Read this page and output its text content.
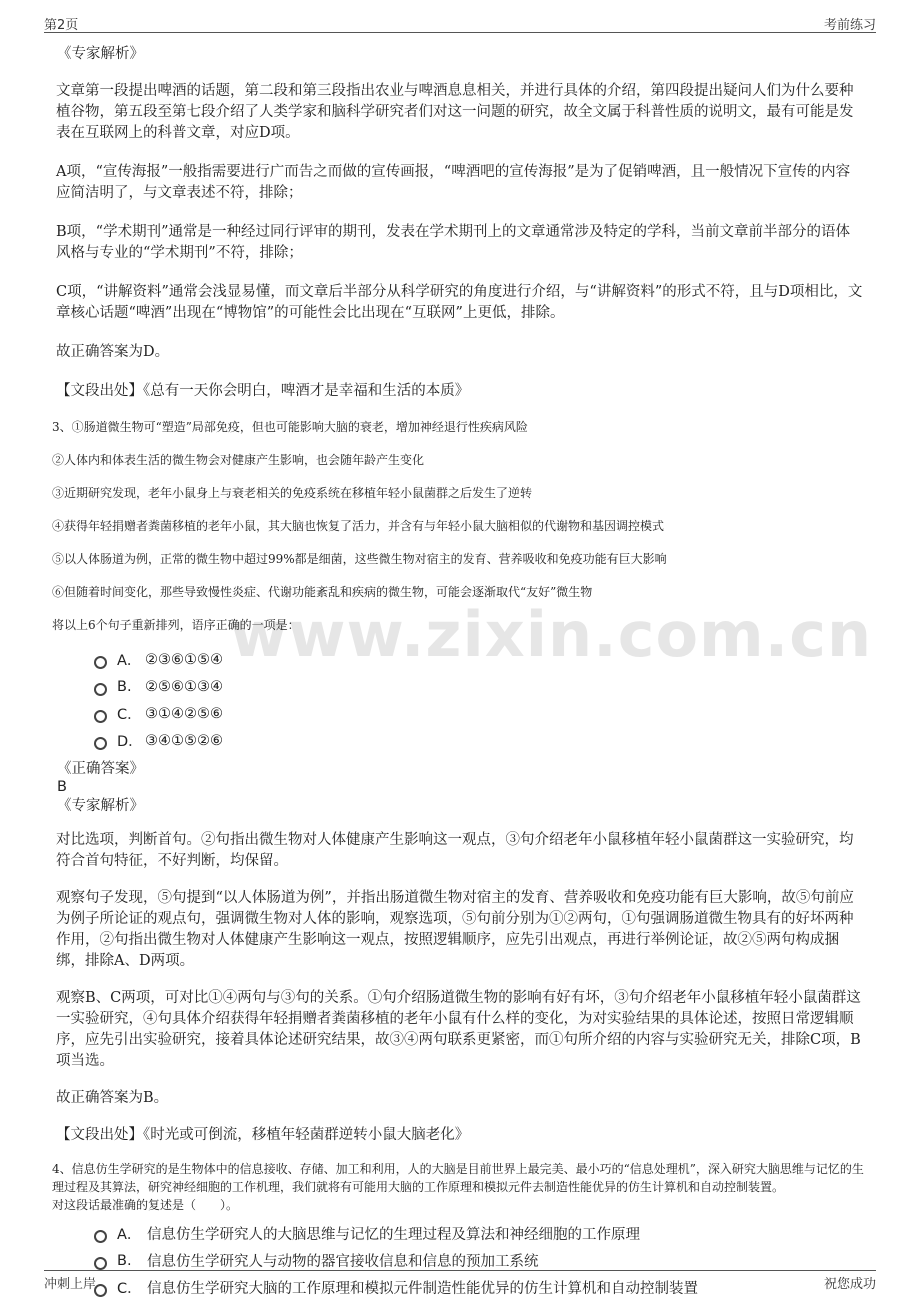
第2页	考前练习
www.zixin.com.cn
《专家解析》
文章第一段提出啤酒的话题，第二段和第三段指出农业与啤酒息息相关，并进行具体的介绍，第四段提出疑问人们为什么要种植谷物，第五段至第七段介绍了人类学家和脑科学研究者们对这一问题的研究，故全文属于科普性质的说明文，最有可能是发表在互联网上的科普文章，对应D项。
A项，“宣传海报”一般指需要进行广而告之而做的宣传画报，“啤酒吧的宣传海报”是为了促销啤酒，且一般情况下宣传的内容应简洁明了，与文章表述不符，排除；
B项，“学术期刊”通常是一种经过同行评审的期刊，发表在学术期刊上的文章通常涉及特定的学科，当前文章前半部分的语体风格与专业的“学术期刊”不符，排除；
C项，“讲解资料”通常会浅显易懂，而文章后半部分从科学研究的角度进行介绍，与“讲解资料”的形式不符，且与D项相比，文章核心话题“啤酒”出现在“博物馆”的可能性会比出现在“互联网”上更低，排除。
故正确答案为D。
【文段出处】《总有一天你会明白，啤酒才是幸福和生活的本质》
3、①肠道微生物可“塑造”局部免疫，但也可能影响大脑的衰老，增加神经退行性疾病风险
②人体内和体表生活的微生物会对健康产生影响，也会随年龄产生变化
③近期研究发现，老年小鼠身上与衰老相关的免疫系统在移植年轻小鼠菌群之后发生了逆转
④获得年轻捐赠者粪菌移植的老年小鼠，其大脑也恢复了活力，并含有与年轻小鼠大脑相似的代谢物和基因调控模式
⑤以人体肠道为例，正常的微生物中超过99%都是细菌，这些微生物对宿主的发育、营养吸收和免疫功能有巨大影响
⑥但随着时间变化，那些导致慢性炎症、代谢功能紊乱和疾病的微生物，可能会逐渐取代“友好”微生物
将以上6个句子重新排列，语序正确的一项是：
A． ②③⑥①⑤④
B. ②⑤⑥①③④
C． ③①④②⑤⑥
D． ③④①⑤②⑥
《正确答案》
B
《专家解析》
对比选项，判断首句。②句指出微生物对人体健康产生影响这一观点，③句介绍老年小鼠移植年轻小鼠菌群这一实验研究，均符合首句特征，不好判断，均保留。
观察句子发现，⑤句提到“以人体肠道为例”，并指出肠道微生物对宿主的发育、营养吸收和免疫功能有巨大影响，故⑤句前应为例子所论证的观点句，强调微生物对人体的影响，观察选项，⑤句前分别为①②两句，①句强调肠道微生物具有的好坏两种作用，②句指出微生物对人体健康产生影响这一观点，按照逻辑顺序，应先引出观点，再进行举例论证，故②⑤两句构成捆绑，排除A、D两项。
观察B、C两项，可对比①④两句与③句的关系。①句介绍肠道微生物的影响有好有坏，③句介绍老年小鼠移植年轻小鼠菌群这一实验研究，④句具体介绍获得年轻捐赠者粪菌移植的老年小鼠有什么样的变化，为对实验结果的具体论述，按照日常逻辑顺序，应先引出实验研究，接着具体论述研究结果，故③④两句联系更紧密，而①句所介绍的内容与实验研究无关，排除C项，B项当选。
故正确答案为B。
【文段出处】《时光或可倒流，移植年轻菌群逆转小鼠大脑老化》
4、信息仿生学研究的是生物体中的信息接收、存储、加工和利用，人的大脑是目前世界上最完美、最小巧的“信息处理机”，深入研究大脑思维与记忆的生理过程及其算法，研究神经细胞的工作机理，我们就将有可能用大脑的工作原理和模拟元件去制造性能优异的仿生计算机和自动控制装置。
对这段话最准确的复述是（　　）。
A． 信息仿生学研究人的大脑思维与记忆的生理过程及算法和神经细胞的工作原理
B.	信息仿生学研究人与动物的器官接收信息和信息的预加工系统
C． 信息仿生学研究大脑的工作原理和模拟元件制造性能优异的仿生计算机和自动控制装置
冲刺上岸	祝您成功
